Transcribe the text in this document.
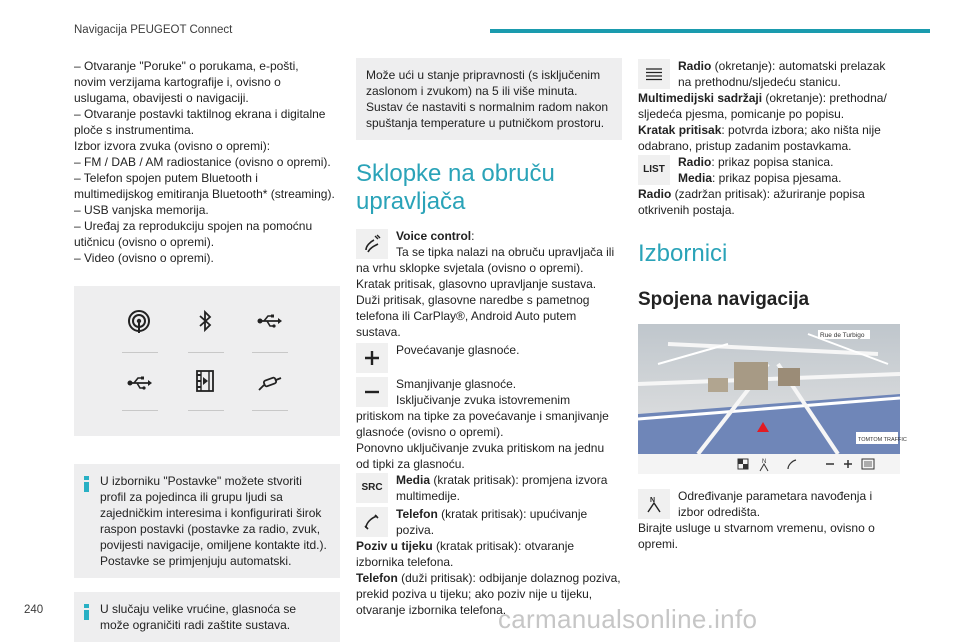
Navigacija PEUGEOT Connect

– Otvaranje "Poruke" o porukama, e-pošti,

novim verzijama kartografije i, ovisno o

uslugama, obavijesti o navigaciji.

– Otvaranje postavki taktilnog ekrana i digitalne

ploče s instrumentima.

Izbor izvora zvuka (ovisno o opremi):

– FM / DAB / AM radiostanice (ovisno o opremi).

– Telefon spojen putem Bluetooth i

multimedijskog emitiranja Bluetooth* (streaming).

– USB vanjska memorija.

– Uređaj za reprodukciju spojen na pomoćnu

utičnicu (ovisno o opremi).

– Video (ovisno o opremi).

U izborniku "Postavke" možete stvoriti profil za pojedinca ili grupu ljudi sa zajedničkim interesima i konfigurirati širok raspon postavki (postavke za radio, zvuk, povijesti navigacije, omiljene kontakte itd.). Postavke se primjenjuju automatski.

U slučaju velike vrućine, glasnoća se može ograničiti radi zaštite sustava.

Može ući u stanje pripravnosti (s isključenim zaslonom i zvukom) na 5 ili više minuta. Sustav će nastaviti s normalnim radom nakon spuštanja temperature u putničkom prostoru.

Sklopke na obruču upravljača

Voice control:

Ta se tipka nalazi na obruču upravljača ili

na vrhu sklopke svjetala (ovisno o opremi).

Kratak pritisak, glasovno upravljanje sustava.

Duži pritisak, glasovne naredbe s pametnog

telefona ili CarPlay®, Android Auto putem

sustava.

Povećavanje glasnoće.

Smanjivanje glasnoće.

Isključivanje zvuka istovremenim

pritiskom na tipke za povećavanje i smanjivanje

glasnoće (ovisno o opremi).

Ponovno uključivanje zvuka pritiskom na jednu

od tipki za glasnoću.

SRC

Media (kratak pritisak): promjena izvora multimedije.

Telefon (kratak pritisak): upućivanje poziva.

Poziv u tijeku (kratak pritisak): otvaranje izbornika telefona.

Telefon (duži pritisak): odbijanje dolaznog poziva, prekid poziva u tijeku; ako poziv nije u tijeku, otvaranje izbornika telefona.

Radio (okretanje): automatski prelazak na prethodnu/sljedeću stanicu.

Multimedijski sadržaji (okretanje): prethodna/ sljedeća pjesma, pomicanje po popisu.

Kratak pritisak: potvrda izbora; ako ništa nije odabrano, pristup zadanim postavkama.

LIST

Radio: prikaz popisa stanica.

Media: prikaz popisa pjesama.

Radio (zadržan pritisak): ažuriranje popisa otkrivenih postaja.

Izbornici
Spojena navigacija
Rue de Turbigo
TOMTOM TRAFFIC
N
N Određivanje parametara navođenja i izbor odredišta.

Birajte usluge u stvarnom vremenu, ovisno o opremi.

240	carmanualsonline.info
